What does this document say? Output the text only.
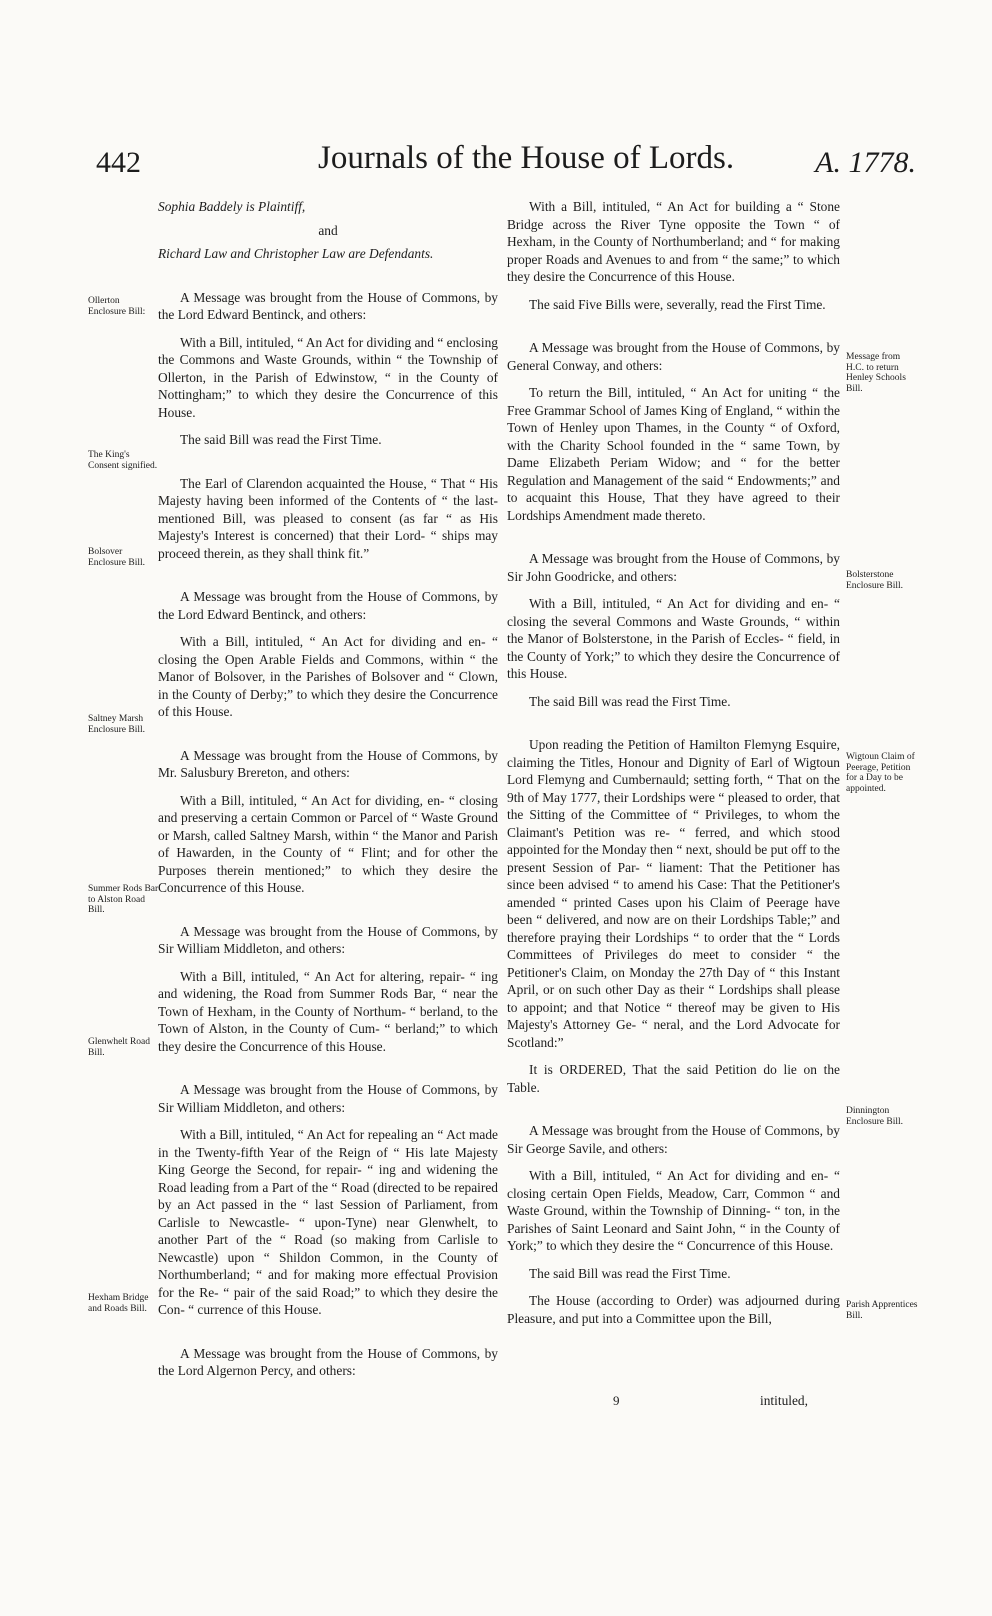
442	Journals of the House of Lords.	A. 1778.

Sophia Baddely is Plaintiff,

and

Richard Law and Christopher Law are Defendants.

A Message was brought from the House of Commons, by the Lord Edward Bentinck, and others:

With a Bill, intituled, “ An Act for dividing and “ enclosing the Commons and Waste Grounds, within “ the Township of Ollerton, in the Parish of Edwinstow, “ in the County of Nottingham;” to which they desire the Concurrence of this House.

The said Bill was read the First Time.

The Earl of Clarendon acquainted the House, “ That “ His Majesty having been informed of the Contents of “ the last-mentioned Bill, was pleased to consent (as far “ as His Majesty's Interest is concerned) that their Lord- “ ships may proceed therein, as they shall think fit.”

A Message was brought from the House of Commons, by the Lord Edward Bentinck, and others:

With a Bill, intituled, “ An Act for dividing and en- “ closing the Open Arable Fields and Commons, within “ the Manor of Bolsover, in the Parishes of Bolsover and “ Clown, in the County of Derby;” to which they desire the Concurrence of this House.

A Message was brought from the House of Commons, by Mr. Salusbury Brereton, and others:

With a Bill, intituled, “ An Act for dividing, en- “ closing and preserving a certain Common or Parcel of “ Waste Ground or Marsh, called Saltney Marsh, within “ the Manor and Parish of Hawarden, in the County of “ Flint; and for other the Purposes therein mentioned;” to which they desire the Concurrence of this House.

A Message was brought from the House of Commons, by Sir William Middleton, and others:

With a Bill, intituled, “ An Act for altering, repair- “ ing and widening, the Road from Summer Rods Bar, “ near the Town of Hexham, in the County of Northum- “ berland, to the Town of Alston, in the County of Cum- “ berland;” to which they desire the Concurrence of this House.

A Message was brought from the House of Commons, by Sir William Middleton, and others:

With a Bill, intituled, “ An Act for repealing an “ Act made in the Twenty-fifth Year of the Reign of “ His late Majesty King George the Second, for repair- “ ing and widening the Road leading from a Part of the “ Road (directed to be repaired by an Act passed in the “ last Session of Parliament, from Carlisle to Newcastle- “ upon-Tyne) near Glenwhelt, to another Part of the “ Road (so making from Carlisle to Newcastle) upon “ Shildon Common, in the County of Northumberland; “ and for making more effectual Provision for the Re- “ pair of the said Road;” to which they desire the Con- “ currence of this House.

A Message was brought from the House of Commons, by the Lord Algernon Percy, and others:

With a Bill, intituled, “ An Act for building a “ Stone Bridge across the River Tyne opposite the Town “ of Hexham, in the County of Northumberland; and “ for making proper Roads and Avenues to and from “ the same;” to which they desire the Concurrence of this House.

The said Five Bills were, severally, read the First Time.

A Message was brought from the House of Commons, by General Conway, and others:

To return the Bill, intituled, “ An Act for uniting “ the Free Grammar School of James King of England, “ within the Town of Henley upon Thames, in the County “ of Oxford, with the Charity School founded in the “ same Town, by Dame Elizabeth Periam Widow; and “ for the better Regulation and Management of the said “ Endowments;” and to acquaint this House, That they have agreed to their Lordships Amendment made thereto.

A Message was brought from the House of Commons, by Sir John Goodricke, and others:

With a Bill, intituled, “ An Act for dividing and en- “ closing the several Commons and Waste Grounds, “ within the Manor of Bolsterstone, in the Parish of Eccles- “ field, in the County of York;” to which they desire the Concurrence of this House.

The said Bill was read the First Time.

Upon reading the Petition of Hamilton Flemyng Esquire, claiming the Titles, Honour and Dignity of Earl of Wigtoun Lord Flemyng and Cumbernauld; setting forth, “ That on the 9th of May 1777, their Lordships were “ pleased to order, that the Sitting of the Committee of “ Privileges, to whom the Claimant's Petition was re- “ ferred, and which stood appointed for the Monday then “ next, should be put off to the present Session of Par- “ liament: That the Petitioner has since been advised “ to amend his Case: That the Petitioner's amended “ printed Cases upon his Claim of Peerage have been “ delivered, and now are on their Lordships Table;” and therefore praying their Lordships “ to order that the “ Lords Committees of Privileges do meet to consider “ the Petitioner's Claim, on Monday the 27th Day of “ this Instant April, or on such other Day as their “ Lordships shall please to appoint; and that Notice “ thereof may be given to His Majesty's Attorney Ge- “ neral, and the Lord Advocate for Scotland:”

It is ORDERED, That the said Petition do lie on the Table.

A Message was brought from the House of Commons, by Sir George Savile, and others:

With a Bill, intituled, “ An Act for dividing and en- “ closing certain Open Fields, Meadow, Carr, Common “ and Waste Ground, within the Township of Dinning- “ ton, in the Parishes of Saint Leonard and Saint John, “ in the County of York;” to which they desire the “ Concurrence of this House.

The said Bill was read the First Time.

The House (according to Order) was adjourned during Pleasure, and put into a Committee upon the Bill,

Ollerton Enclosure Bill:
The King's Consent signified.
Bolsover Enclosure Bill.
Saltney Marsh Enclosure Bill.
Summer Rods Bar to Alston Road Bill.
Glenwhelt Road Bill.
Hexham Bridge and Roads Bill.
Message from H.C. to return Henley Schools Bill.
Bolsterstone Enclosure Bill.
Wigtoun Claim of Peerage, Petition for a Day to be appointed.
Dinnington Enclosure Bill.
Parish Apprentices Bill.
9	intituled,
